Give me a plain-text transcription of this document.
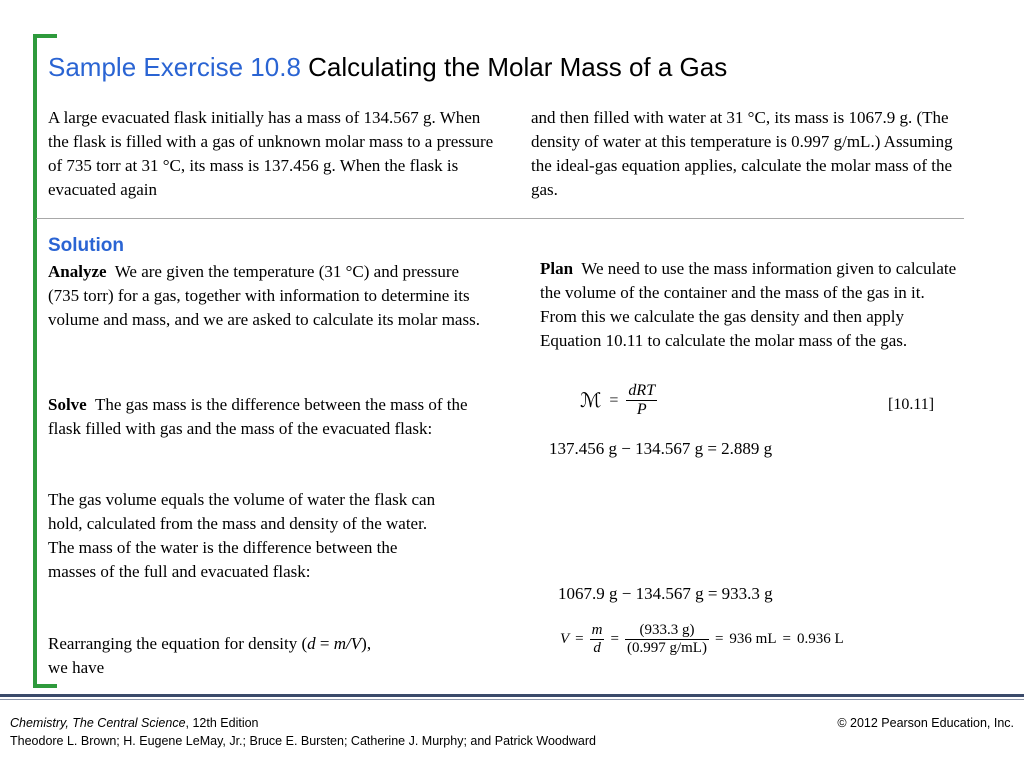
Sample Exercise 10.8 Calculating the Molar Mass of a Gas
A large evacuated flask initially has a mass of 134.567 g. When the flask is filled with a gas of unknown molar mass to a pressure of 735 torr at 31 °C, its mass is 137.456 g. When the flask is evacuated again
and then filled with water at 31 °C, its mass is 1067.9 g. (The density of water at this temperature is 0.997 g/mL.) Assuming the ideal-gas equation applies, calculate the molar mass of the gas.
Solution
Analyze We are given the temperature (31 °C) and pressure (735 torr) for a gas, together with information to determine its volume and mass, and we are asked to calculate its molar mass.
Plan We need to use the mass information given to calculate the volume of the container and the mass of the gas in it. From this we calculate the gas density and then apply Equation 10.11 to calculate the molar mass of the gas.
Solve The gas mass is the difference between the mass of the flask filled with gas and the mass of the evacuated flask:
ℳ = $\frac{\text{dRT}}{P}$	[10.11]
137.456 g − 134.567 g = 2.889 g
The gas volume equals the volume of water the flask can hold, calculated from the mass and density of the water. The mass of the water is the difference between the masses of the full and evacuated flask:
1067.9 g − 134.567 g = 933.3 g
Rearranging the equation for density (d = m/V),
we have
$V = \frac{m}{d} = \frac{(933.3 g)}{(0.997 g/mL)} = 936$ mL = 0.936 L
Chemistry, The Central Science, 12th Edition
Theodore L. Brown; H. Eugene LeMay, Jr.; Bruce E. Bursten; Catherine J. Murphy; and Patrick Woodward
© 2012 Pearson Education, Inc.
